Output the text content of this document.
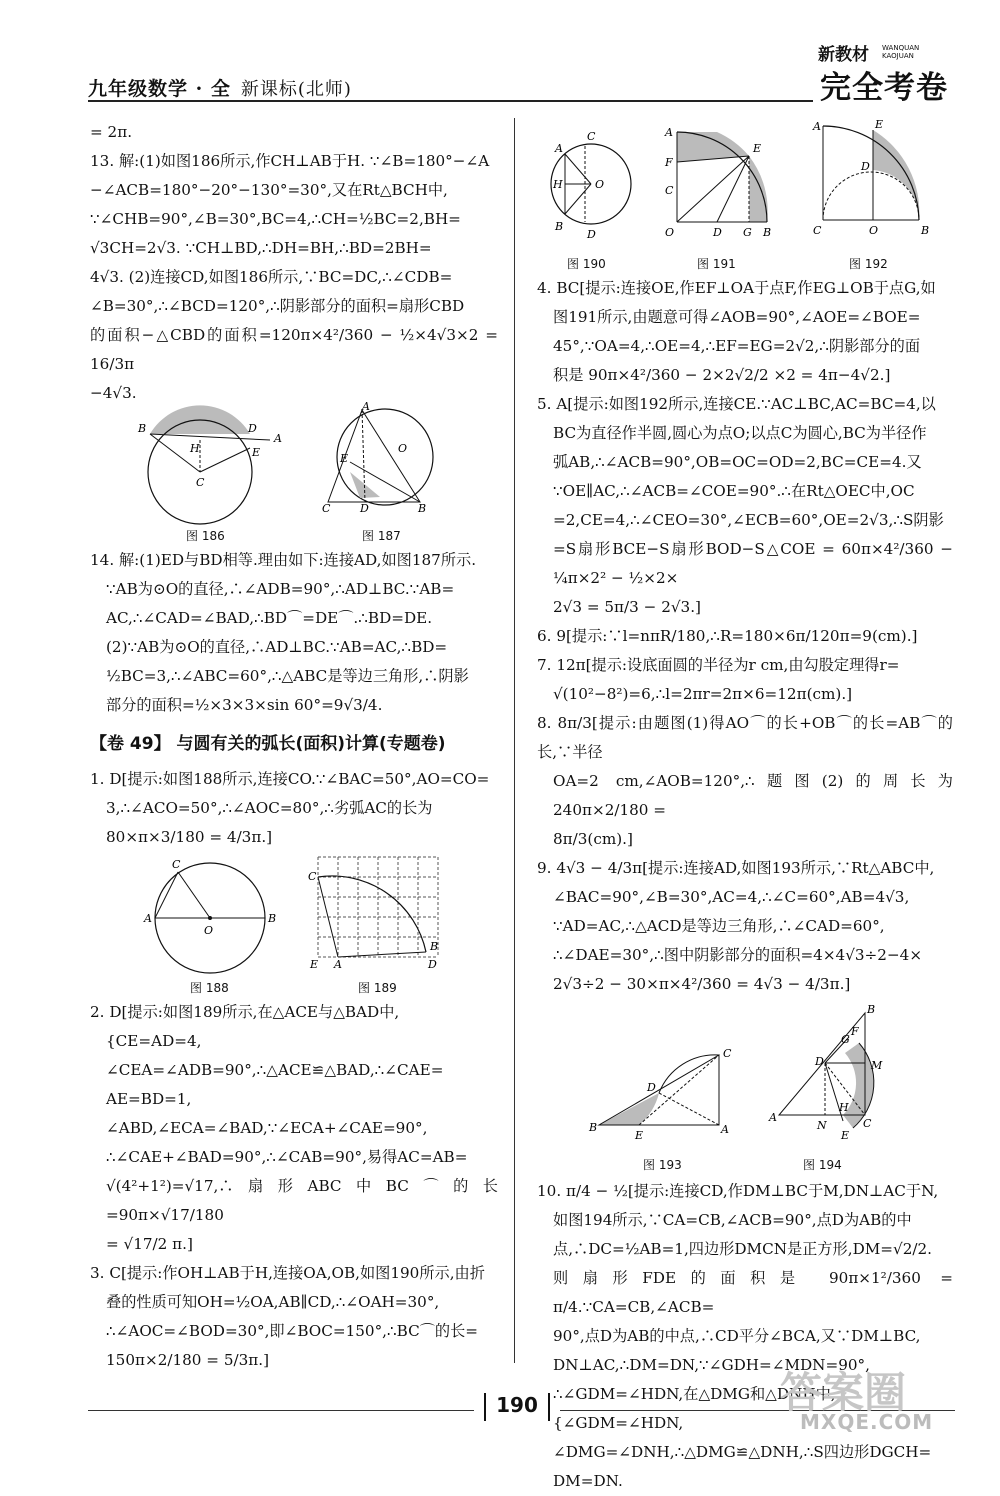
九年级数学 · 全 新课标(北师)
新教材 WANQUAN
KAOJUAN
完全考卷

= 2π.

13. 解:(1)如图186所示,作CH⊥AB于H. ∵∠B=180°−∠A

−∠ACB=180°−20°−130°=30°,又在Rt△BCH中,

∵∠CHB=90°,∠B=30°,BC=4,∴CH=½BC=2,BH=

√3CH=2√3. ∵CH⊥BD,∴DH=BH,∴BD=2BH=

4√3. (2)连接CD,如图186所示,∵BC=DC,∴∠CDB=

∠B=30°,∴∠BCD=120°,∴阴影部分的面积=扇形CBD

的面积−△CBD的面积=120π×4²/360 − ½×4√3×2 = 16/3π

−4√3.

B
A
H
C
E
D
A
C	B
E
O
D
图 186	图 187

14. 解:(1)ED与BD相等.理由如下:连接AD,如图187所示.

∵AB为⊙O的直径,∴∠ADB=90°,∴AD⊥BC.∵AB=

AC,∴∠CAD=∠BAD,∴BD⌒=DE⌒.∴BD=DE.

(2)∵AB为⊙O的直径,∴AD⊥BC.∵AB=AC,∴BD=

½BC=3,∴∠ABC=60°,∴△ABC是等边三角形,∴阴影

部分的面积=½×3×3×sin 60°=9√3/4.

【卷 49】 与圆有关的弧长(面积)计算(专题卷)

1. D[提示:如图188所示,连接CO.∵∠BAC=50°,AO=CO=

3,∴∠ACO=50°,∴∠AOC=80°,∴劣弧AC的长为

80×π×3/180 = 4/3π.]

C
A
O
B
C
E A	D
B
图 188	图 189

2. D[提示:如图189所示,在△ACE与△BAD中,

{CE=AD=4,

∠CEA=∠ADB=90°,∴△ACE≌△BAD,∴∠CAE=

AE=BD=1,

∠ABD,∠ECA=∠BAD,∵∠ECA+∠CAE=90°,

∴∠CAE+∠BAD=90°,∴∠CAB=90°,易得AC=AB=

√(4²+1²)=√17,∴扇形ABC中BC⌒的长=90π×√17/180

= √17/2 π.]

3. C[提示:作OH⊥AB于H,连接OA,OB,如图190所示,由折

叠的性质可知OH=½OA,AB∥CD,∴∠OAH=30°,

∴∠AOC=∠BOD=30°,即∠BOC=150°,∴BC⌒的长=

150π×2/180 = 5/3π.]

A
C
H	O
B
D
A
F
C
E
O	D G B
A	E
D
C	O	B
图 190	图 191	图 192

4. BC[提示:连接OE,作EF⊥OA于点F,作EG⊥OB于点G,如

图191所示,由题意可得∠AOB=90°,∠AOE=∠BOE=

45°,∵OA=4,∴OE=4,∴EF=EG=2√2,∴阴影部分的面

积是 90π×4²/360 − 2×2√2/2 ×2 = 4π−4√2.]

5. A[提示:如图192所示,连接CE.∵AC⊥BC,AC=BC=4,以

BC为直径作半圆,圆心为点O;以点C为圆心,BC为半径作

弧AB,∴∠ACB=90°,OB=OC=OD=2,BC=CE=4.又

∵OE∥AC,∴∠ACB=∠COE=90°.∴在Rt△OEC中,OC

=2,CE=4,∴∠CEO=30°,∠ECB=60°,OE=2√3,∴S阴影

=S扇形BCE−S扇形BOD−S△COE = 60π×4²/360 − ¼π×2² − ½×2×

2√3 = 5π/3 − 2√3.]

6. 9[提示:∵l=nπR/180,∴R=180×6π/120π=9(cm).]

7. 12π[提示:设底面圆的半径为r cm,由勾股定理得r=

√(10²−8²)=6,∴l=2πr=2π×6=12π(cm).]

8. 8π/3[提示:由题图(1)得AO⌒的长+OB⌒的长=AB⌒的长,∵半径

OA=2 cm,∠AOB=120°,∴题图(2)的周长为 240π×2/180 =

8π/3(cm).]

9. 4√3 − 4/3π[提示:连接AD,如图193所示,∵Rt△ABC中,

∠BAC=90°,∠B=30°,AC=4,∴∠C=60°,AB=4√3,

∵AD=AC,∴△ACD是等边三角形,∴∠CAD=60°,

∴∠DAE=30°,∴图中阴影部分的面积=4×4√3÷2−4×

2√3÷2 − 30×π×4²/360 = 4√3 − 4/3π.]

B
D
C
A
E
B
F
G
D	M
A
N
H
C
E
图 193	图 194

10. π/4 − ½[提示:连接CD,作DM⊥BC于M,DN⊥AC于N,

如图194所示,∵CA=CB,∠ACB=90°,点D为AB的中

点,∴DC=½AB=1,四边形DMCN是正方形,DM=√2/2.

则扇形FDE的面积是 90π×1²/360 = π/4.∵CA=CB,∠ACB=

90°,点D为AB的中点,∴CD平分∠BCA,又∵DM⊥BC,

DN⊥AC,∴DM=DN,∵∠GDH=∠MDN=90°,

∴∠GDM=∠HDN,在△DMG和△DNH中,

{∠GDM=∠HDN,

∠DMG=∠DNH,∴△DMG≌△DNH,∴S四边形DGCH=

DM=DN.

190	答案圈
MXQE.COM
